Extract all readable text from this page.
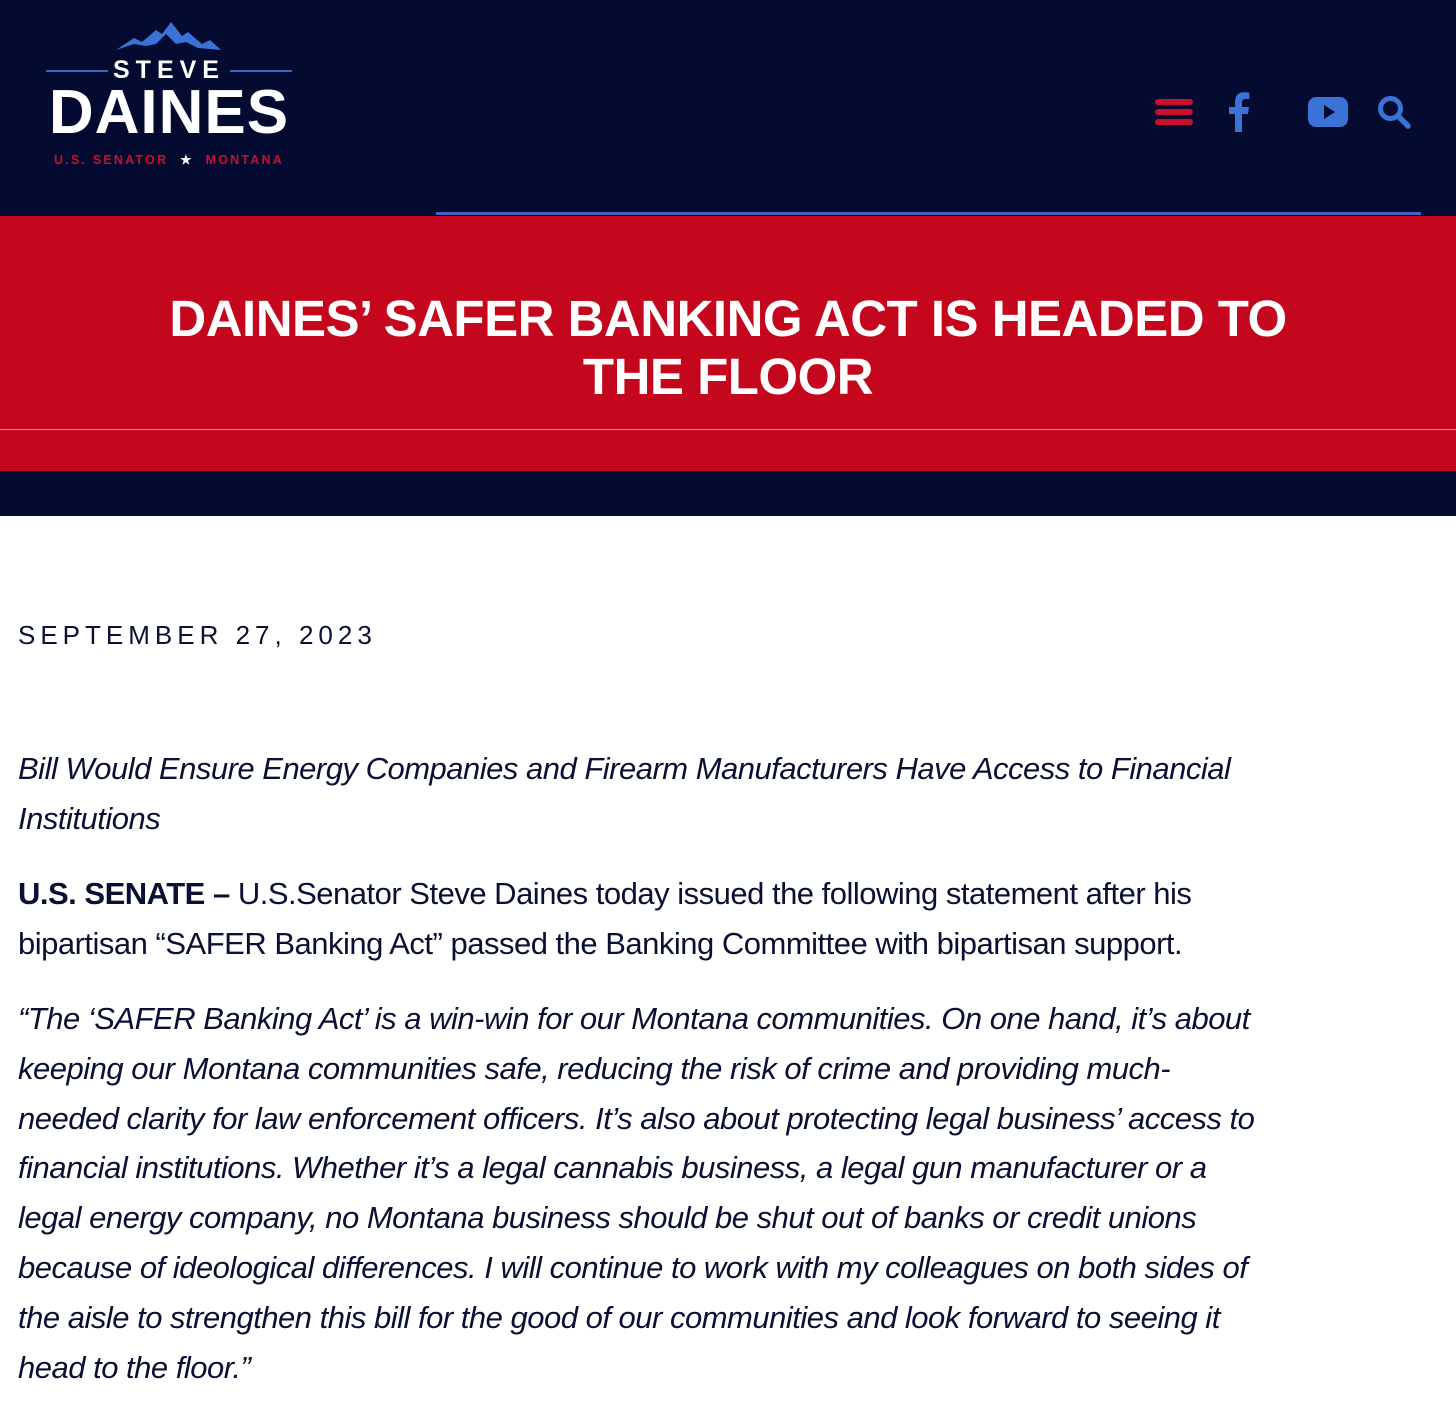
STEVE
DAINES
U.S. SENATOR ★ MONTANA
DAINES’ SAFER BANKING ACT IS HEADED TO
THE FLOOR
SEPTEMBER 27, 2023

Bill Would Ensure Energy Companies and Firearm Manufacturers Have Access to Financial
Institutions

U.S. SENATE – U.S.Senator Steve Daines today issued the following statement after his
bipartisan “SAFER Banking Act” passed the Banking Committee with bipartisan support.

“The ‘SAFER Banking Act’ is a win-win for our Montana communities. On one hand, it’s about
keeping our Montana communities safe, reducing the risk of crime and providing much-
needed clarity for law enforcement officers. It’s also about protecting legal business’ access to
financial institutions. Whether it’s a legal cannabis business, a legal gun manufacturer or a
legal energy company, no Montana business should be shut out of banks or credit unions
because of ideological differences. I will continue to work with my colleagues on both sides of
the aisle to strengthen this bill for the good of our communities and look forward to seeing it
head to the floor.”
